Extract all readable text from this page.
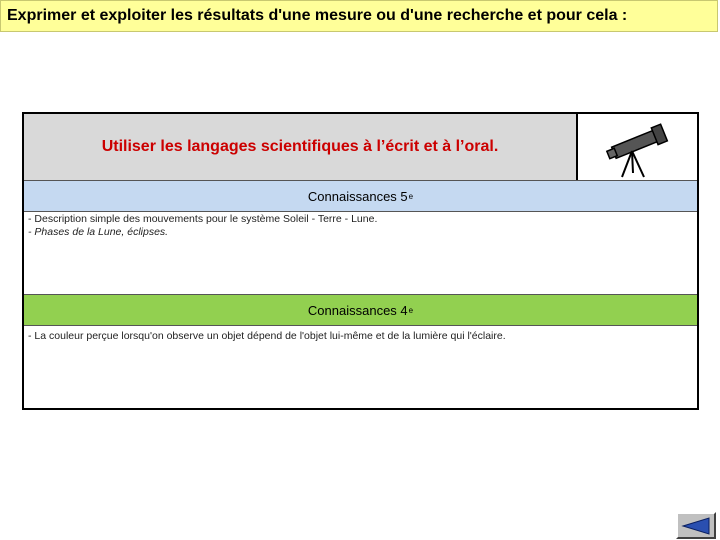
Exprimer et exploiter les résultats d'une mesure ou d'une recherche et pour cela :
Utiliser les langages scientifiques à l’écrit et à l’oral.
Connaissances 5 e
- Description simple des mouvements pour le système Soleil - Terre - Lune.
- Phases de la Lune, éclipses.
Connaissances 4 e
- La couleur perçue lorsqu'on observe un objet dépend de l'objet lui-même et de la lumière qui l'éclaire.
